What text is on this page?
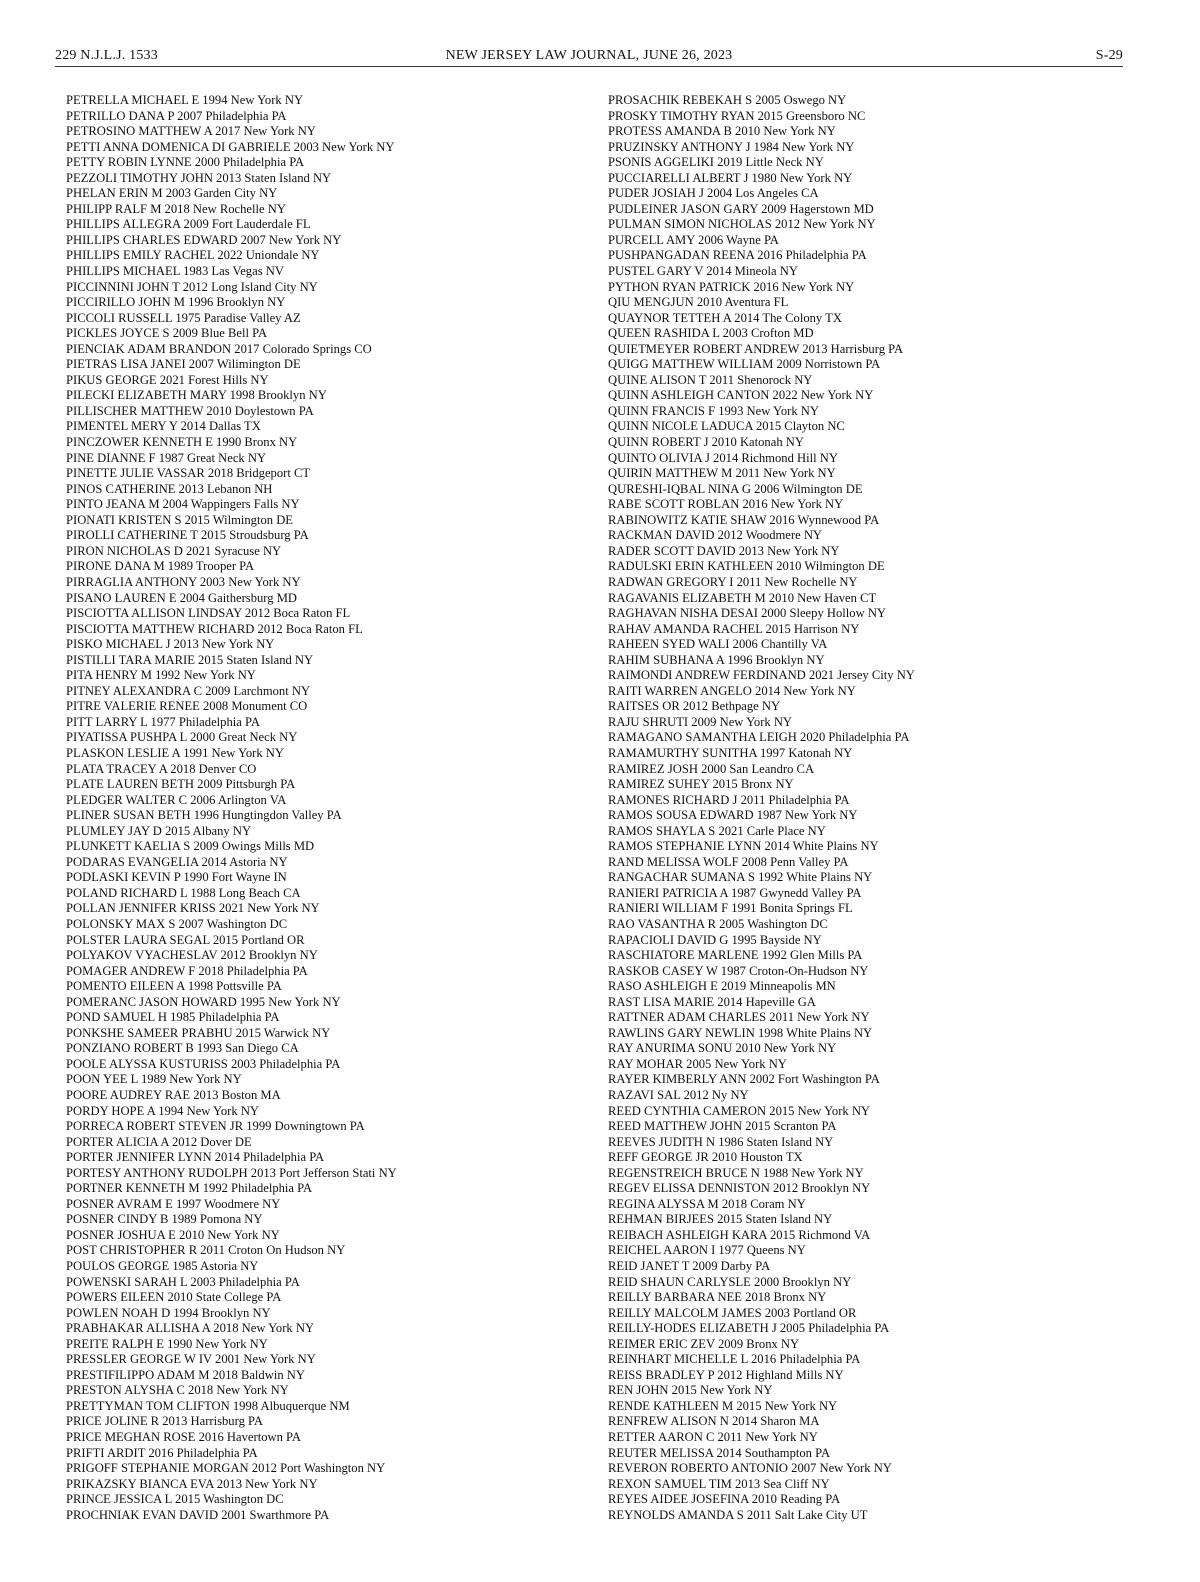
229 N.J.L.J. 1533	NEW JERSEY LAW JOURNAL, JUNE 26, 2023	S-29
PETRELLA MICHAEL E 1994 New York NY
PETRILLO DANA P 2007 Philadelphia PA
PETROSINO MATTHEW A 2017 New York NY
PETTI ANNA DOMENICA DI GABRIELE 2003 New York NY
PETTY ROBIN LYNNE 2000 Philadelphia PA
PEZZOLI TIMOTHY JOHN 2013 Staten Island NY
PHELAN ERIN M 2003 Garden City NY
PHILIPP RALF M 2018 New Rochelle NY
PHILLIPS ALLEGRA 2009 Fort Lauderdale FL
PHILLIPS CHARLES EDWARD 2007 New York NY
PHILLIPS EMILY RACHEL 2022 Uniondale NY
PHILLIPS MICHAEL 1983 Las Vegas NV
PICCINNINI JOHN T 2012 Long Island City NY
PICCIRILLO JOHN M 1996 Brooklyn NY
PICCOLI RUSSELL 1975 Paradise Valley AZ
PICKLES JOYCE S 2009 Blue Bell PA
PIENCIAK ADAM BRANDON 2017 Colorado Springs CO
PIETRAS LISA JANEI 2007 Wilimington DE
PIKUS GEORGE 2021 Forest Hills NY
PILECKI ELIZABETH MARY 1998 Brooklyn NY
PILLISCHER MATTHEW 2010 Doylestown PA
PIMENTEL MERY Y 2014 Dallas TX
PINCZOWER KENNETH E 1990 Bronx NY
PINE DIANNE F 1987 Great Neck NY
PINETTE JULIE VASSAR 2018 Bridgeport CT
PINOS CATHERINE 2013 Lebanon NH
PINTO JEANA M 2004 Wappingers Falls NY
PIONATI KRISTEN S 2015 Wilmington DE
PIROLLI CATHERINE T 2015 Stroudsburg PA
PIRON NICHOLAS D 2021 Syracuse NY
PIRONE DANA M 1989 Trooper PA
PIRRAGLIA ANTHONY 2003 New York NY
PISANO LAUREN E 2004 Gaithersburg MD
PISCIOTTA ALLISON LINDSAY 2012 Boca Raton FL
PISCIOTTA MATTHEW RICHARD 2012 Boca Raton FL
PISKO MICHAEL J 2013 New York NY
PISTILLI TARA MARIE 2015 Staten Island NY
PITA HENRY M 1992 New York NY
PITNEY ALEXANDRA C 2009 Larchmont NY
PITRE VALERIE RENEE 2008 Monument CO
PITT LARRY L 1977 Philadelphia PA
PIYATISSA PUSHPA L 2000 Great Neck NY
PLASKON LESLIE A 1991 New York NY
PLATA TRACEY A 2018 Denver CO
PLATE LAUREN BETH 2009 Pittsburgh PA
PLEDGER WALTER C 2006 Arlington VA
PLINER SUSAN BETH 1996 Hungtingdon Valley PA
PLUMLEY JAY D 2015 Albany NY
PLUNKETT KAELIA S 2009 Owings Mills MD
PODARAS EVANGELIA 2014 Astoria NY
PODLASKI KEVIN P 1990 Fort Wayne IN
POLAND RICHARD L 1988 Long Beach CA
POLLAN JENNIFER KRISS 2021 New York NY
POLONSKY MAX S 2007 Washington DC
POLSTER LAURA SEGAL 2015 Portland OR
POLYAKOV VYACHESLAV 2012 Brooklyn NY
POMAGER ANDREW F 2018 Philadelphia PA
POMENTO EILEEN A 1998 Pottsville PA
POMERANC JASON HOWARD 1995 New York NY
POND SAMUEL H 1985 Philadelphia PA
PONKSHE SAMEER PRABHU 2015 Warwick NY
PONZIANO ROBERT B 1993 San Diego CA
POOLE ALYSSA KUSTURISS 2003 Philadelphia PA
POON YEE L 1989 New York NY
POORE AUDREY RAE 2013 Boston MA
PORDY HOPE A 1994 New York NY
PORRECA ROBERT STEVEN JR 1999 Downingtown PA
PORTER ALICIA A 2012 Dover DE
PORTER JENNIFER LYNN 2014 Philadelphia PA
PORTESY ANTHONY RUDOLPH 2013 Port Jefferson Stati NY
PORTNER KENNETH M 1992 Philadelphia PA
POSNER AVRAM E 1997 Woodmere NY
POSNER CINDY B 1989 Pomona NY
POSNER JOSHUA E 2010 New York NY
POST CHRISTOPHER R 2011 Croton On Hudson NY
POULOS GEORGE 1985 Astoria NY
POWENSKI SARAH L 2003 Philadelphia PA
POWERS EILEEN 2010 State College PA
POWLEN NOAH D 1994 Brooklyn NY
PRABHAKAR ALLISHA A 2018 New York NY
PREITE RALPH E 1990 New York NY
PRESSLER GEORGE W IV 2001 New York NY
PRESTIFILIPPO ADAM M 2018 Baldwin NY
PRESTON ALYSHA C 2018 New York NY
PRETTYMAN TOM CLIFTON 1998 Albuquerque NM
PRICE JOLINE R 2013 Harrisburg PA
PRICE MEGHAN ROSE 2016 Havertown PA
PRIFTI ARDIT 2016 Philadelphia PA
PRIGOFF STEPHANIE MORGAN 2012 Port Washington NY
PRIKAZSKY BIANCA EVA 2013 New York NY
PRINCE JESSICA L 2015 Washington DC
PROCHNIAK EVAN DAVID 2001 Swarthmore PA
PROSACHIK REBEKAH S 2005 Oswego NY
PROSKY TIMOTHY RYAN 2015 Greensboro NC
PROTESS AMANDA B 2010 New York NY
PRUZINSKY ANTHONY J 1984 New York NY
PSONIS AGGELIKI 2019 Little Neck NY
PUCCIARELLI ALBERT J 1980 New York NY
PUDER JOSIAH J 2004 Los Angeles CA
PUDLEINER JASON GARY 2009 Hagerstown MD
PULMAN SIMON NICHOLAS 2012 New York NY
PURCELL AMY 2006 Wayne PA
PUSHPANGADAN REENA 2016 Philadelphia PA
PUSTEL GARY V 2014 Mineola NY
PYTHON RYAN PATRICK 2016 New York NY
QIU MENGJUN 2010 Aventura FL
QUAYNOR TETTEH A 2014 The Colony TX
QUEEN RASHIDA L 2003 Crofton MD
QUIETMEYER ROBERT ANDREW 2013 Harrisburg PA
QUIGG MATTHEW WILLIAM 2009 Norristown PA
QUINE ALISON T 2011 Shenorock NY
QUINN ASHLEIGH CANTON 2022 New York NY
QUINN FRANCIS F 1993 New York NY
QUINN NICOLE LADUCA 2015 Clayton NC
QUINN ROBERT J 2010 Katonah NY
QUINTO OLIVIA J 2014 Richmond Hill NY
QUIRIN MATTHEW M 2011 New York NY
QURESHI-IQBAL NINA G 2006 Wilmington DE
RABE SCOTT ROBLAN 2016 New York NY
RABINOWITZ KATIE SHAW 2016 Wynnewood PA
RACKMAN DAVID 2012 Woodmere NY
RADER SCOTT DAVID 2013 New York NY
RADULSKI ERIN KATHLEEN 2010 Wilmington DE
RADWAN GREGORY I 2011 New Rochelle NY
RAGAVANIS ELIZABETH M 2010 New Haven CT
RAGHAVAN NISHA DESAI 2000 Sleepy Hollow NY
RAHAV AMANDA RACHEL 2015 Harrison NY
RAHEEN SYED WALI 2006 Chantilly VA
RAHIM SUBHANA A 1996 Brooklyn NY
RAIMONDI ANDREW FERDINAND 2021 Jersey City NY
RAITI WARREN ANGELO 2014 New York NY
RAITSES OR 2012 Bethpage NY
RAJU SHRUTI 2009 New York NY
RAMAGANO SAMANTHA LEIGH 2020 Philadelphia PA
RAMAMURTHY SUNITHA 1997 Katonah NY
RAMIREZ JOSH 2000 San Leandro CA
RAMIREZ SUHEY 2015 Bronx NY
RAMONES RICHARD J 2011 Philadelphia PA
RAMOS SOUSA EDWARD 1987 New York NY
RAMOS SHAYLA S 2021 Carle Place NY
RAMOS STEPHANIE LYNN 2014 White Plains NY
RAND MELISSA WOLF 2008 Penn Valley PA
RANGACHAR SUMANA S 1992 White Plains NY
RANIERI PATRICIA A 1987 Gwynedd Valley PA
RANIERI WILLIAM F 1991 Bonita Springs FL
RAO VASANTHA R 2005 Washington DC
RAPACIOLI DAVID G 1995 Bayside NY
RASCHIATORE MARLENE 1992 Glen Mills PA
RASKOB CASEY W 1987 Croton-On-Hudson NY
RASO ASHLEIGH E 2019 Minneapolis MN
RAST LISA MARIE 2014 Hapeville GA
RATTNER ADAM CHARLES 2011 New York NY
RAWLINS GARY NEWLIN 1998 White Plains NY
RAY ANURIMA SONU 2010 New York NY
RAY MOHAR 2005 New York NY
RAYER KIMBERLY ANN 2002 Fort Washington PA
RAZAVI SAL 2012 Ny NY
REED CYNTHIA CAMERON 2015 New York NY
REED MATTHEW JOHN 2015 Scranton PA
REEVES JUDITH N 1986 Staten Island NY
REFF GEORGE JR 2010 Houston TX
REGENSTREICH BRUCE N 1988 New York NY
REGEV ELISSA DENNISTON 2012 Brooklyn NY
REGINA ALYSSA M 2018 Coram NY
REHMAN BIRJEES 2015 Staten Island NY
REIBACH ASHLEIGH KARA 2015 Richmond VA
REICHEL AARON I 1977 Queens NY
REID JANET T 2009 Darby PA
REID SHAUN CARLYSLE 2000 Brooklyn NY
REILLY BARBARA NEE 2018 Bronx NY
REILLY MALCOLM JAMES 2003 Portland OR
REILLY-HODES ELIZABETH J 2005 Philadelphia PA
REIMER ERIC ZEV 2009 Bronx NY
REINHART MICHELLE L 2016 Philadelphia PA
REISS BRADLEY P 2012 Highland Mills NY
REN JOHN 2015 New York NY
RENDE KATHLEEN M 2015 New York NY
RENFREW ALISON N 2014 Sharon MA
RETTER AARON C 2011 New York NY
REUTER MELISSA 2014 Southampton PA
REVERON ROBERTO ANTONIO 2007 New York NY
REXON SAMUEL TIM 2013 Sea Cliff NY
REYES AIDEE JOSEFINA 2010 Reading PA
REYNOLDS AMANDA S 2011 Salt Lake City UT
